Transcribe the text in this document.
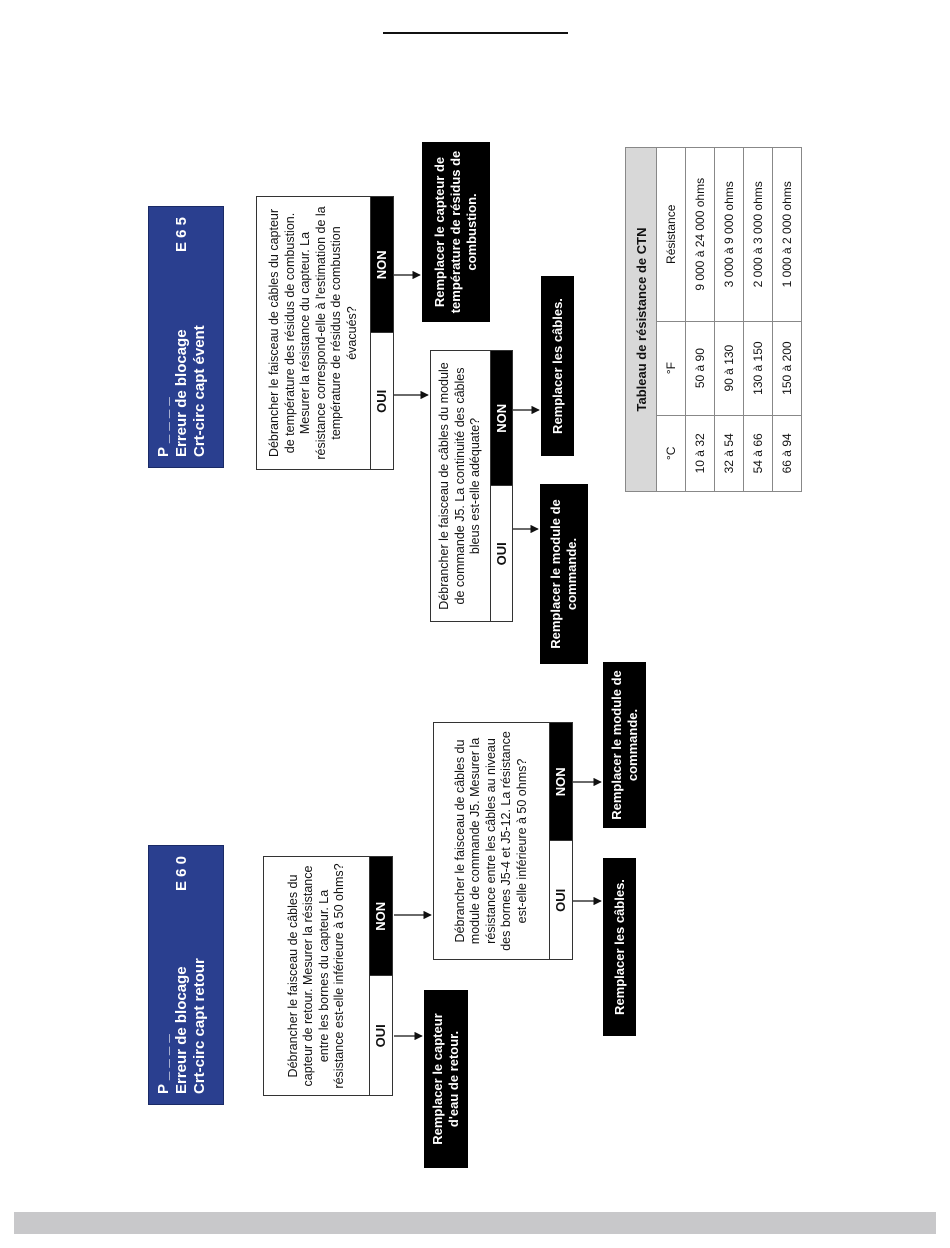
P _ _ _ _ Erreur de blocage
E 6 0
Crt-circ capt retour	Débrancher le faisceau de câbles du capteur de retour. Mesurer la résistance entre les bornes du capteur. La résistance est-elle inférieure à 50 ohms?	OUI
NON
Remplacer le capteur d'eau de retour.
Débrancher le faisceau de câbles du module de commande J5. Mesurer la résistance entre les câbles au niveau des bornes J5-4 et J5-12. La résistance est-elle inférieure à 50 ohms?	OUI
NON
Remplacer les câbles.
Remplacer le module de commande.
P _ _ _ _ Erreur de blocage
E 6 5
Crt-circ capt évent	Débrancher le faisceau de câbles du capteur de température des résidus de combustion. Mesurer la résistance du capteur. La résistance correspond-elle à l'estimation de la température de résidus de combustion évacués?
OUI
NON	Remplacer le capteur de température de résidus de combustion.
Débrancher le faisceau de câbles du module de commande J5. La continuité des câbles bleus est-elle adéquate? OUI
NON
Remplacer le module de commande.
Remplacer les câbles.	Tableau de résistance de CTN		
°C	°F	Résistance
10 à 32	50 à 90	9 000 à 24 000 ohms
32 à 54	90 à 130	3 000 à 9 000 ohms
54 à 66	130 à 150	2 000 à 3 000 ohms
66 à 94	150 à 200	1 000 à 2 000 ohms
